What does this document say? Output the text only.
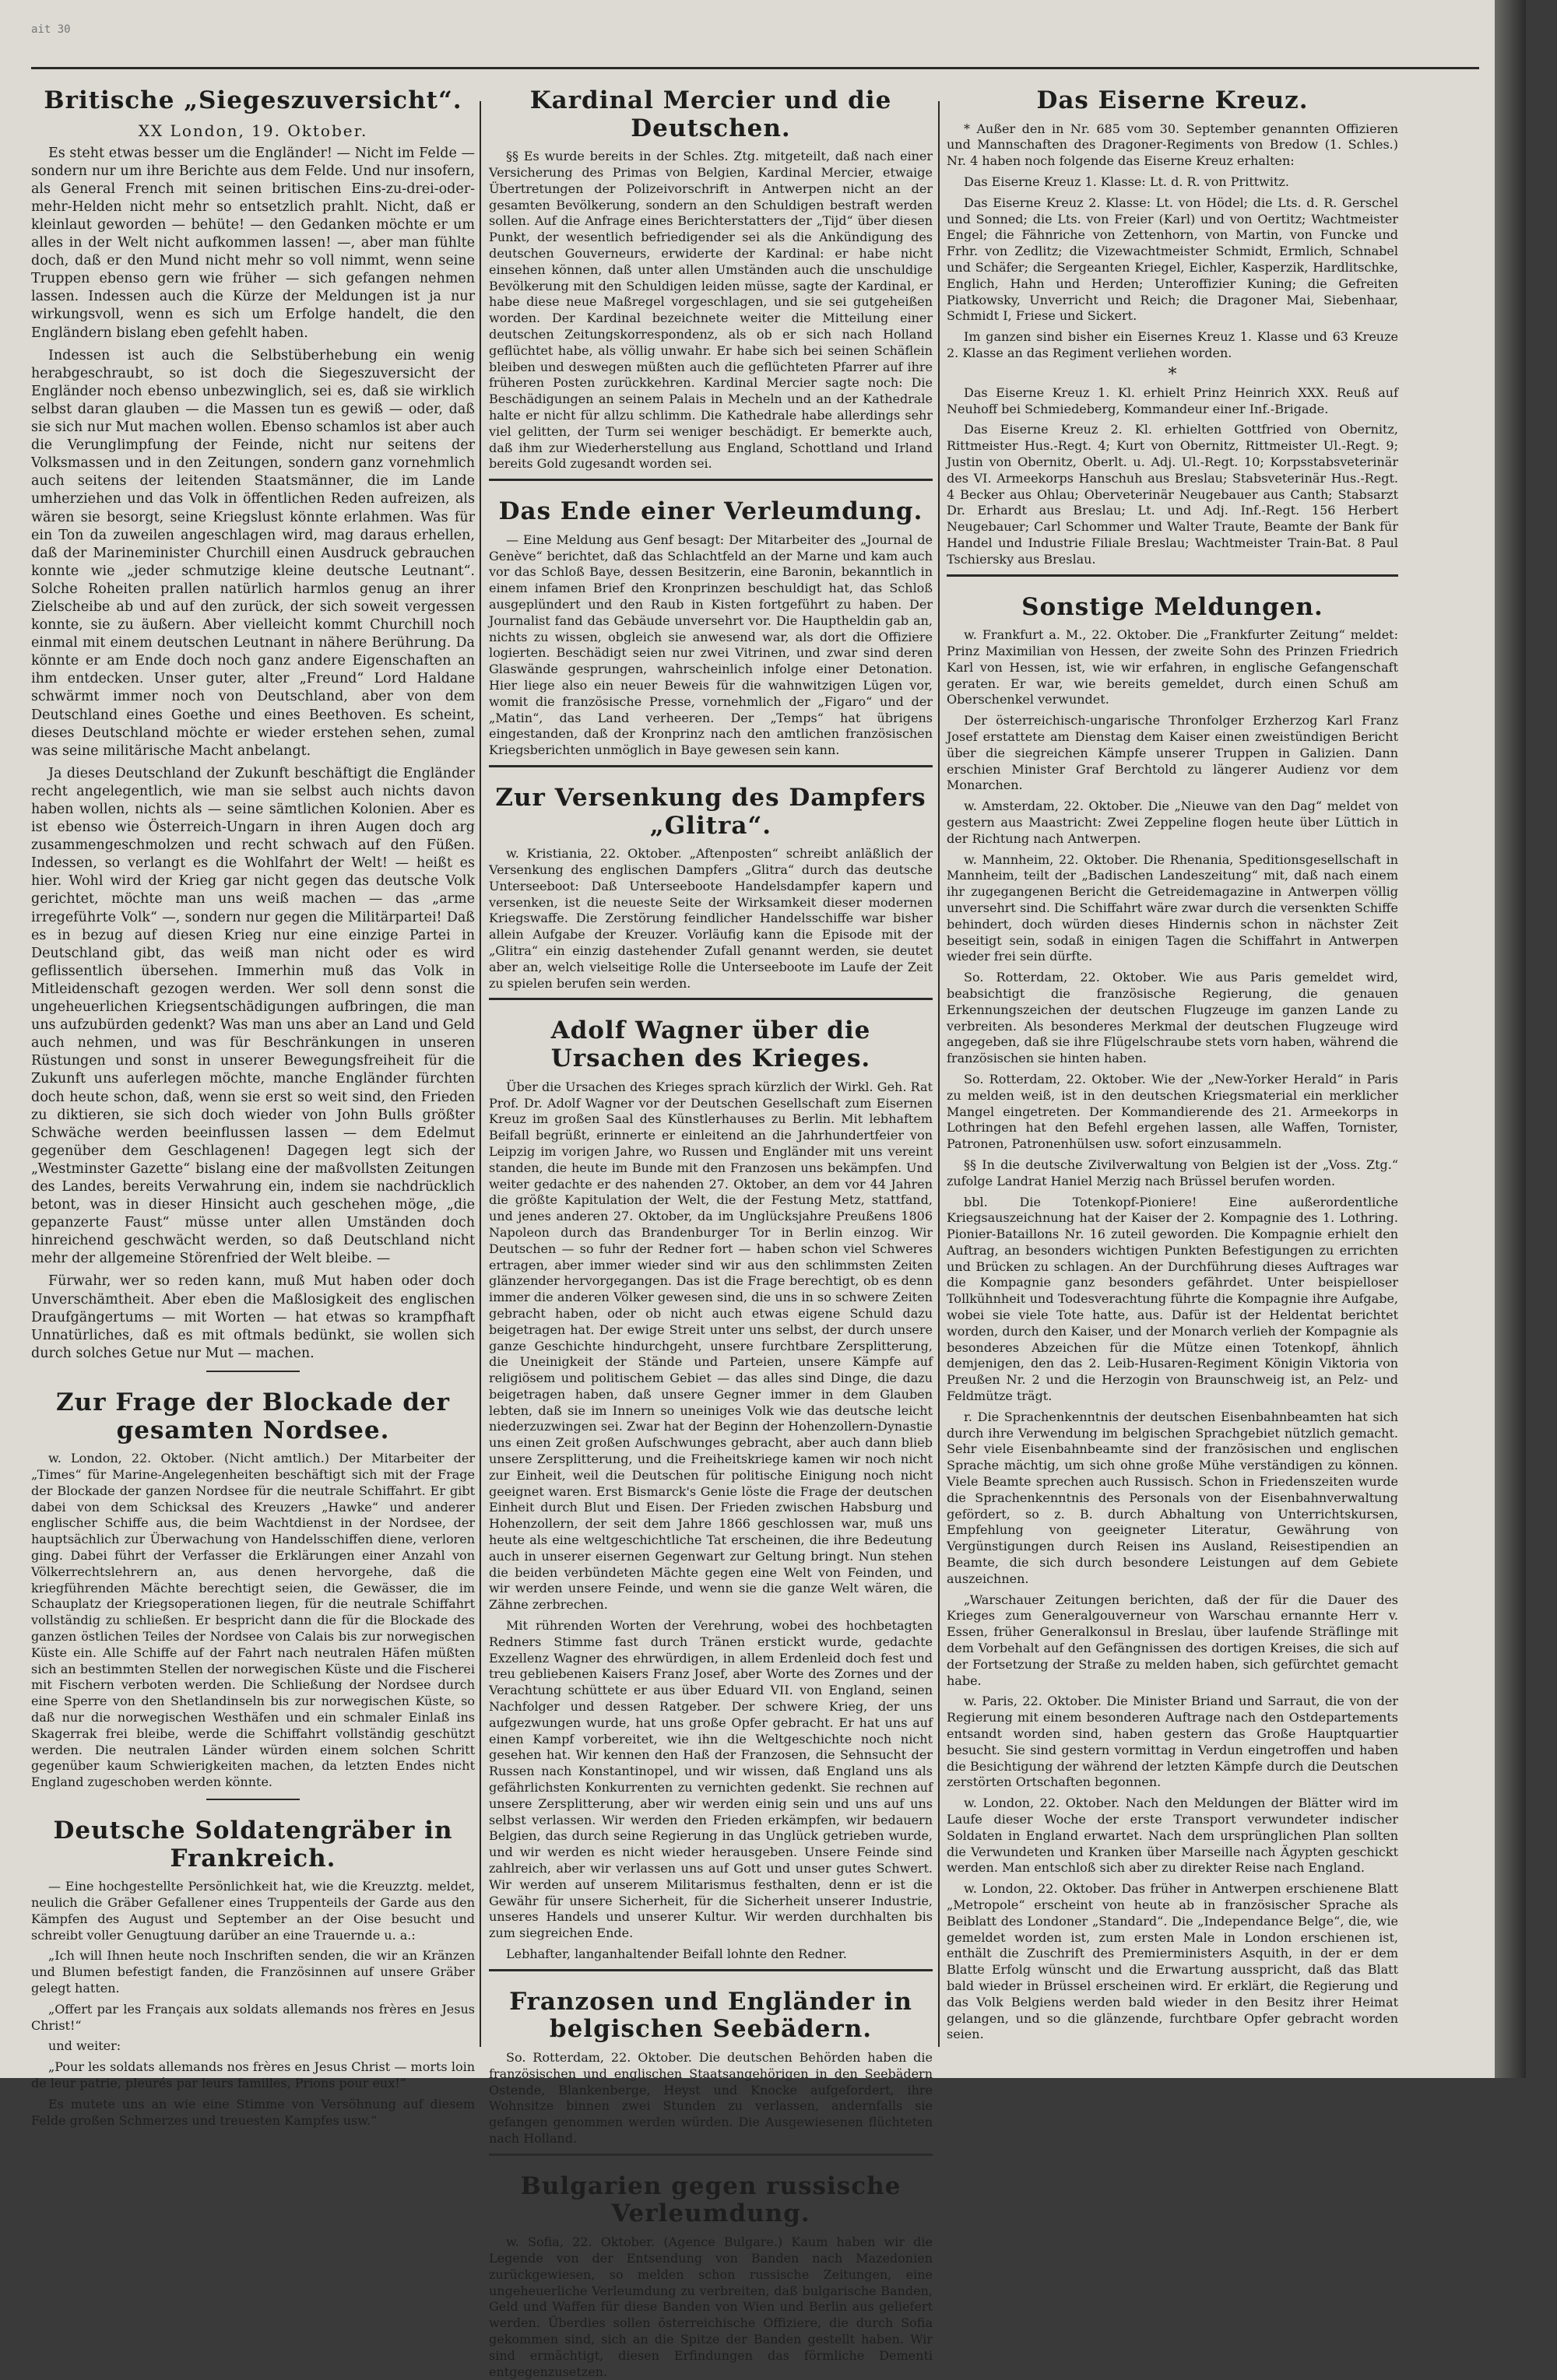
ait 30
Britische „Siegeszuversicht“.
XX London, 19. Oktober.

Es steht etwas besser um die Engländer! — Nicht im Felde — sondern nur um ihre Berichte aus dem Felde. Und nur insofern, als General French mit seinen britischen Eins-zu-drei-oder-mehr-Helden nicht mehr so entsetzlich prahlt. Nicht, daß er kleinlaut geworden — behüte! — den Gedanken möchte er um alles in der Welt nicht aufkommen lassen! —, aber man fühlte doch, daß er den Mund nicht mehr so voll nimmt, wenn seine Truppen ebenso gern wie früher — sich gefangen nehmen lassen. Indessen auch die Kürze der Meldungen ist ja nur wirkungsvoll, wenn es sich um Erfolge handelt, die den Engländern bislang eben gefehlt haben.

Indessen ist auch die Selbstüberhebung ein wenig herabgeschraubt, so ist doch die Siegeszuversicht der Engländer noch ebenso unbezwinglich, sei es, daß sie wirklich selbst daran glauben — die Massen tun es gewiß — oder, daß sie sich nur Mut machen wollen. Ebenso schamlos ist aber auch die Verunglimpfung der Feinde, nicht nur seitens der Volksmassen und in den Zeitungen, sondern ganz vornehmlich auch seitens der leitenden Staatsmänner, die im Lande umherziehen und das Volk in öffentlichen Reden aufreizen, als wären sie besorgt, seine Kriegslust könnte erlahmen. Was für ein Ton da zuweilen angeschlagen wird, mag daraus erhellen, daß der Marineminister Churchill einen Ausdruck gebrauchen konnte wie „jeder schmutzige kleine deutsche Leutnant“. Solche Roheiten prallen natürlich harmlos genug an ihrer Zielscheibe ab und auf den zurück, der sich soweit vergessen konnte, sie zu äußern. Aber vielleicht kommt Churchill noch einmal mit einem deutschen Leutnant in nähere Berührung. Da könnte er am Ende doch noch ganz andere Eigenschaften an ihm entdecken. Unser guter, alter „Freund“ Lord Haldane schwärmt immer noch von Deutschland, aber von dem Deutschland eines Goethe und eines Beethoven. Es scheint, dieses Deutschland möchte er wieder erstehen sehen, zumal was seine militärische Macht anbelangt.

Ja dieses Deutschland der Zukunft beschäftigt die Engländer recht angelegentlich, wie man sie selbst auch nichts davon haben wollen, nichts als — seine sämtlichen Kolonien. Aber es ist ebenso wie Österreich-Ungarn in ihren Augen doch arg zusammengeschmolzen und recht schwach auf den Füßen. Indessen, so verlangt es die Wohlfahrt der Welt! — heißt es hier. Wohl wird der Krieg gar nicht gegen das deutsche Volk gerichtet, möchte man uns weiß machen — das „arme irregeführte Volk“ —, sondern nur gegen die Militärpartei! Daß es in bezug auf diesen Krieg nur eine einzige Partei in Deutschland gibt, das weiß man nicht oder es wird geflissentlich übersehen. Immerhin muß das Volk in Mitleidenschaft gezogen werden. Wer soll denn sonst die ungeheuerlichen Kriegsentschädigungen aufbringen, die man uns aufzubürden gedenkt? Was man uns aber an Land und Geld auch nehmen, und was für Beschränkungen in unseren Rüstungen und sonst in unserer Bewegungsfreiheit für die Zukunft uns auferlegen möchte, manche Engländer fürchten doch heute schon, daß, wenn sie erst so weit sind, den Frieden zu diktieren, sie sich doch wieder von John Bulls größter Schwäche werden beeinflussen lassen — dem Edelmut gegenüber dem Geschlagenen! Dagegen legt sich der „Westminster Gazette“ bislang eine der maßvollsten Zeitungen des Landes, bereits Verwahrung ein, indem sie nachdrücklich betont, was in dieser Hinsicht auch geschehen möge, „die gepanzerte Faust“ müsse unter allen Umständen doch hinreichend geschwächt werden, so daß Deutschland nicht mehr der allgemeine Störenfried der Welt bleibe. —

Fürwahr, wer so reden kann, muß Mut haben oder doch Unverschämtheit. Aber eben die Maßlosigkeit des englischen Draufgängertums — mit Worten — hat etwas so krampfhaft Unnatürliches, daß es mit oftmals bedünkt, sie wollen sich durch solches Getue nur Mut — machen.

Zur Frage der Blockade der gesamten Nordsee.

w. London, 22. Oktober. (Nicht amtlich.) Der Mitarbeiter der „Times“ für Marine-Angelegenheiten beschäftigt sich mit der Frage der Blockade der ganzen Nordsee für die neutrale Schiffahrt. Er gibt dabei von dem Schicksal des Kreuzers „Hawke“ und anderer englischer Schiffe aus, die beim Wachtdienst in der Nordsee, der hauptsächlich zur Überwachung von Handelsschiffen diene, verloren ging. Dabei führt der Verfasser die Erklärungen einer Anzahl von Völkerrechtslehrern an, aus denen hervorgehe, daß die kriegführenden Mächte berechtigt seien, die Gewässer, die im Schauplatz der Kriegsoperationen liegen, für die neutrale Schiffahrt vollständig zu schließen. Er bespricht dann die für die Blockade des ganzen östlichen Teiles der Nordsee von Calais bis zur norwegischen Küste ein. Alle Schiffe auf der Fahrt nach neutralen Häfen müßten sich an bestimmten Stellen der norwegischen Küste und die Fischerei mit Fischern verboten werden. Die Schließung der Nordsee durch eine Sperre von den Shetlandinseln bis zur norwegischen Küste, so daß nur die norwegischen Westhäfen und ein schmaler Einlaß ins Skagerrak frei bleibe, werde die Schiffahrt vollständig geschützt werden. Die neutralen Länder würden einem solchen Schritt gegenüber kaum Schwierigkeiten machen, da letzten Endes nicht England zugeschoben werden könnte.

Deutsche Soldatengräber in Frankreich.

— Eine hochgestellte Persönlichkeit hat, wie die Kreuzztg. meldet, neulich die Gräber Gefallener eines Truppenteils der Garde aus den Kämpfen des August und September an der Oise besucht und schreibt voller Genugtuung darüber an eine Trauernde u. a.:

„Ich will Ihnen heute noch Inschriften senden, die wir an Kränzen und Blumen befestigt fanden, die Französinnen auf unsere Gräber gelegt hatten.

„Offert par les Français aux soldats allemands nos frères en Jesus Christ!“

und weiter:

„Pour les soldats allemands nos frères en Jesus Christ — morts loin de leur patrie, pleurés par leurs familles, Prions pour eux!“

Es mutete uns an wie eine Stimme von Versöhnung auf diesem Felde großen Schmerzes und treuesten Kampfes usw.“

Kardinal Mercier und die Deutschen.

§§ Es wurde bereits in der Schles. Ztg. mitgeteilt, daß nach einer Versicherung des Primas von Belgien, Kardinal Mercier, etwaige Übertretungen der Polizeivorschrift in Antwerpen nicht an der gesamten Bevölkerung, sondern an den Schuldigen bestraft werden sollen. Auf die Anfrage eines Berichterstatters der „Tijd“ über diesen Punkt, der wesentlich befriedigender sei als die Ankündigung des deutschen Gouverneurs, erwiderte der Kardinal: er habe nicht einsehen können, daß unter allen Umständen auch die unschuldige Bevölkerung mit den Schuldigen leiden müsse, sagte der Kardinal, er habe diese neue Maßregel vorgeschlagen, und sie sei gutgeheißen worden. Der Kardinal bezeichnete weiter die Mitteilung einer deutschen Zeitungskorrespondenz, als ob er sich nach Holland geflüchtet habe, als völlig unwahr. Er habe sich bei seinen Schäflein bleiben und deswegen müßten auch die geflüchteten Pfarrer auf ihre früheren Posten zurückkehren. Kardinal Mercier sagte noch: Die Beschädigungen an seinem Palais in Mecheln und an der Kathedrale halte er nicht für allzu schlimm. Die Kathedrale habe allerdings sehr viel gelitten, der Turm sei weniger beschädigt. Er bemerkte auch, daß ihm zur Wiederherstellung aus England, Schottland und Irland bereits Gold zugesandt worden sei.

Das Ende einer Verleumdung.

— Eine Meldung aus Genf besagt: Der Mitarbeiter des „Journal de Genève“ berichtet, daß das Schlachtfeld an der Marne und kam auch vor das Schloß Baye, dessen Besitzerin, eine Baronin, bekanntlich in einem infamen Brief den Kronprinzen beschuldigt hat, das Schloß ausgeplündert und den Raub in Kisten fortgeführt zu haben. Der Journalist fand das Gebäude unversehrt vor. Die Hauptheldin gab an, nichts zu wissen, obgleich sie anwesend war, als dort die Offiziere logierten. Beschädigt seien nur zwei Vitrinen, und zwar sind deren Glaswände gesprungen, wahrscheinlich infolge einer Detonation. Hier liege also ein neuer Beweis für die wahnwitzigen Lügen vor, womit die französische Presse, vornehmlich der „Figaro“ und der „Matin“, das Land verheeren. Der „Temps“ hat übrigens eingestanden, daß der Kronprinz nach den amtlichen französischen Kriegsberichten unmöglich in Baye gewesen sein kann.

Zur Versenkung des Dampfers „Glitra“.

w. Kristiania, 22. Oktober. „Aftenposten“ schreibt anläßlich der Versenkung des englischen Dampfers „Glitra“ durch das deutsche Unterseeboot: Daß Unterseeboote Handelsdampfer kapern und versenken, ist die neueste Seite der Wirksamkeit dieser modernen Kriegswaffe. Die Zerstörung feindlicher Handelsschiffe war bisher allein Aufgabe der Kreuzer. Vorläufig kann die Episode mit der „Glitra“ ein einzig dastehender Zufall genannt werden, sie deutet aber an, welch vielseitige Rolle die Unterseeboote im Laufe der Zeit zu spielen berufen sein werden.

Adolf Wagner über die Ursachen des Krieges.

Über die Ursachen des Krieges sprach kürzlich der Wirkl. Geh. Rat Prof. Dr. Adolf Wagner vor der Deutschen Gesellschaft zum Eisernen Kreuz im großen Saal des Künstlerhauses zu Berlin. Mit lebhaftem Beifall begrüßt, erinnerte er einleitend an die Jahrhundertfeier von Leipzig im vorigen Jahre, wo Russen und Engländer mit uns vereint standen, die heute im Bunde mit den Franzosen uns bekämpfen. Und weiter gedachte er des nahenden 27. Oktober, an dem vor 44 Jahren die größte Kapitulation der Welt, die der Festung Metz, stattfand, und jenes anderen 27. Oktober, da im Unglücksjahre Preußens 1806 Napoleon durch das Brandenburger Tor in Berlin einzog. Wir Deutschen — so fuhr der Redner fort — haben schon viel Schweres ertragen, aber immer wieder sind wir aus den schlimmsten Zeiten glänzender hervorgegangen. Das ist die Frage berechtigt, ob es denn immer die anderen Völker gewesen sind, die uns in so schwere Zeiten gebracht haben, oder ob nicht auch etwas eigene Schuld dazu beigetragen hat. Der ewige Streit unter uns selbst, der durch unsere ganze Geschichte hindurchgeht, unsere furchtbare Zersplitterung, die Uneinigkeit der Stände und Parteien, unsere Kämpfe auf religiösem und politischem Gebiet — das alles sind Dinge, die dazu beigetragen haben, daß unsere Gegner immer in dem Glauben lebten, daß sie im Innern so uneiniges Volk wie das deutsche leicht niederzuzwingen sei. Zwar hat der Beginn der Hohenzollern-Dynastie uns einen Zeit großen Aufschwunges gebracht, aber auch dann blieb unsere Zersplitterung, und die Freiheitskriege kamen wir noch nicht zur Einheit, weil die Deutschen für politische Einigung noch nicht geeignet waren. Erst Bismarck's Genie löste die Frage der deutschen Einheit durch Blut und Eisen. Der Frieden zwischen Habsburg und Hohenzollern, der seit dem Jahre 1866 geschlossen war, muß uns heute als eine weltgeschichtliche Tat erscheinen, die ihre Bedeutung auch in unserer eisernen Gegenwart zur Geltung bringt. Nun stehen die beiden verbündeten Mächte gegen eine Welt von Feinden, und wir werden unsere Feinde, und wenn sie die ganze Welt wären, die Zähne zerbrechen.

Mit rührenden Worten der Verehrung, wobei des hochbetagten Redners Stimme fast durch Tränen erstickt wurde, gedachte Exzellenz Wagner des ehrwürdigen, in allem Erdenleid doch fest und treu gebliebenen Kaisers Franz Josef, aber Worte des Zornes und der Verachtung schüttete er aus über Eduard VII. von England, seinen Nachfolger und dessen Ratgeber. Der schwere Krieg, der uns aufgezwungen wurde, hat uns große Opfer gebracht. Er hat uns auf einen Kampf vorbereitet, wie ihn die Weltgeschichte noch nicht gesehen hat. Wir kennen den Haß der Franzosen, die Sehnsucht der Russen nach Konstantinopel, und wir wissen, daß England uns als gefährlichsten Konkurrenten zu vernichten gedenkt. Sie rechnen auf unsere Zersplitterung, aber wir werden einig sein und uns auf uns selbst verlassen. Wir werden den Frieden erkämpfen, wir bedauern Belgien, das durch seine Regierung in das Unglück getrieben wurde, und wir werden es nicht wieder herausgeben. Unsere Feinde sind zahlreich, aber wir verlassen uns auf Gott und unser gutes Schwert. Wir werden auf unserem Militarismus festhalten, denn er ist die Gewähr für unsere Sicherheit, für die Sicherheit unserer Industrie, unseres Handels und unserer Kultur. Wir werden durchhalten bis zum siegreichen Ende.

Lebhafter, langanhaltender Beifall lohnte den Redner.

Franzosen und Engländer in belgischen Seebädern.

So. Rotterdam, 22. Oktober. Die deutschen Behörden haben die französischen und englischen Staatsangehörigen in den Seebädern Ostende, Blankenberge, Heyst und Knocke aufgefordert, ihre Wohnsitze binnen zwei Stunden zu verlassen, andernfalls sie gefangen genommen werden würden. Die Ausgewiesenen flüchteten nach Holland.

Bulgarien gegen russische Verleumdung.

w. Sofia, 22. Oktober. (Agence Bulgare.) Kaum haben wir die Legende von der Entsendung von Banden nach Mazedonien zurückgewiesen, so melden schon russische Zeitungen, eine ungeheuerliche Verleumdung zu verbreiten, daß bulgarische Banden, Geld und Waffen für diese Banden von Wien und Berlin aus geliefert werden. Überdies sollen österreichische Offiziere, die durch Sofia gekommen sind, sich an die Spitze der Banden gestellt haben. Wir sind ermächtigt, diesen Erfindungen das förmliche Dementi entgegenzusetzen.

Das Eiserne Kreuz.

* Außer den in Nr. 685 vom 30. September genannten Offizieren und Mannschaften des Dragoner-Regiments von Bredow (1. Schles.) Nr. 4 haben noch folgende das Eiserne Kreuz erhalten:

Das Eiserne Kreuz 1. Klasse: Lt. d. R. von Prittwitz.

Das Eiserne Kreuz 2. Klasse: Lt. von Hödel; die Lts. d. R. Gerschel und Sonned; die Lts. von Freier (Karl) und von Oertitz; Wachtmeister Engel; die Fähnriche von Zettenhorn, von Martin, von Funcke und Frhr. von Zedlitz; die Vizewachtmeister Schmidt, Ermlich, Schnabel und Schäfer; die Sergeanten Kriegel, Eichler, Kasperzik, Hardlitschke, Englich, Hahn und Herden; Unteroffizier Kuning; die Gefreiten Piatkowsky, Unverricht und Reich; die Dragoner Mai, Siebenhaar, Schmidt I, Friese und Sickert.

Im ganzen sind bisher ein Eisernes Kreuz 1. Klasse und 63 Kreuze 2. Klasse an das Regiment verliehen worden.

*

Das Eiserne Kreuz 1. Kl. erhielt Prinz Heinrich XXX. Reuß auf Neuhoff bei Schmiedeberg, Kommandeur einer Inf.-Brigade.

Das Eiserne Kreuz 2. Kl. erhielten Gottfried von Obernitz, Rittmeister Hus.-Regt. 4; Kurt von Obernitz, Rittmeister Ul.-Regt. 9; Justin von Obernitz, Oberlt. u. Adj. Ul.-Regt. 10; Korpsstabsveterinär des VI. Armeekorps Hanschuh aus Breslau; Stabsveterinär Hus.-Regt. 4 Becker aus Ohlau; Oberveterinär Neugebauer aus Canth; Stabsarzt Dr. Erhardt aus Breslau; Lt. und Adj. Inf.-Regt. 156 Herbert Neugebauer; Carl Schommer und Walter Traute, Beamte der Bank für Handel und Industrie Filiale Breslau; Wachtmeister Train-Bat. 8 Paul Tschiersky aus Breslau.

Sonstige Meldungen.

w. Frankfurt a. M., 22. Oktober. Die „Frankfurter Zeitung“ meldet: Prinz Maximilian von Hessen, der zweite Sohn des Prinzen Friedrich Karl von Hessen, ist, wie wir erfahren, in englische Gefangenschaft geraten. Er war, wie bereits gemeldet, durch einen Schuß am Oberschenkel verwundet.

Der österreichisch-ungarische Thronfolger Erzherzog Karl Franz Josef erstattete am Dienstag dem Kaiser einen zweistündigen Bericht über die siegreichen Kämpfe unserer Truppen in Galizien. Dann erschien Minister Graf Berchtold zu längerer Audienz vor dem Monarchen.

w. Amsterdam, 22. Oktober. Die „Nieuwe van den Dag“ meldet von gestern aus Maastricht: Zwei Zeppeline flogen heute über Lüttich in der Richtung nach Antwerpen.

w. Mannheim, 22. Oktober. Die Rhenania, Speditionsgesellschaft in Mannheim, teilt der „Badischen Landeszeitung“ mit, daß nach einem ihr zugegangenen Bericht die Getreidemagazine in Antwerpen völlig unversehrt sind. Die Schiffahrt wäre zwar durch die versenkten Schiffe behindert, doch würden dieses Hindernis schon in nächster Zeit beseitigt sein, sodaß in einigen Tagen die Schiffahrt in Antwerpen wieder frei sein dürfte.

So. Rotterdam, 22. Oktober. Wie aus Paris gemeldet wird, beabsichtigt die französische Regierung, die genauen Erkennungszeichen der deutschen Flugzeuge im ganzen Lande zu verbreiten. Als besonderes Merkmal der deutschen Flugzeuge wird angegeben, daß sie ihre Flügelschraube stets vorn haben, während die französischen sie hinten haben.

So. Rotterdam, 22. Oktober. Wie der „New-Yorker Herald“ in Paris zu melden weiß, ist in den deutschen Kriegsmaterial ein merklicher Mangel eingetreten. Der Kommandierende des 21. Armeekorps in Lothringen hat den Befehl ergehen lassen, alle Waffen, Tornister, Patronen, Patronenhülsen usw. sofort einzusammeln.

§§ In die deutsche Zivilverwaltung von Belgien ist der „Voss. Ztg.“ zufolge Landrat Haniel Merzig nach Brüssel berufen worden.

bbl. Die Totenkopf-Pioniere! Eine außerordentliche Kriegsauszeichnung hat der Kaiser der 2. Kompagnie des 1. Lothring. Pionier-Bataillons Nr. 16 zuteil geworden. Die Kompagnie erhielt den Auftrag, an besonders wichtigen Punkten Befestigungen zu errichten und Brücken zu schlagen. An der Durchführung dieses Auftrages war die Kompagnie ganz besonders gefährdet. Unter beispielloser Tollkühnheit und Todesverachtung führte die Kompagnie ihre Aufgabe, wobei sie viele Tote hatte, aus. Dafür ist der Heldentat berichtet worden, durch den Kaiser, und der Monarch verlieh der Kompagnie als besonderes Abzeichen für die Mütze einen Totenkopf, ähnlich demjenigen, den das 2. Leib-Husaren-Regiment Königin Viktoria von Preußen Nr. 2 und die Herzogin von Braunschweig ist, an Pelz- und Feldmütze trägt.

r. Die Sprachenkenntnis der deutschen Eisenbahnbeamten hat sich durch ihre Verwendung im belgischen Sprachgebiet nützlich gemacht. Sehr viele Eisenbahnbeamte sind der französischen und englischen Sprache mächtig, um sich ohne große Mühe verständigen zu können. Viele Beamte sprechen auch Russisch. Schon in Friedenszeiten wurde die Sprachenkenntnis des Personals von der Eisenbahnverwaltung gefördert, so z. B. durch Abhaltung von Unterrichtskursen, Empfehlung von geeigneter Literatur, Gewährung von Vergünstigungen durch Reisen ins Ausland, Reisestipendien an Beamte, die sich durch besondere Leistungen auf dem Gebiete auszeichnen.

„Warschauer Zeitungen berichten, daß der für die Dauer des Krieges zum Generalgouverneur von Warschau ernannte Herr v. Essen, früher Generalkonsul in Breslau, über laufende Sträflinge mit dem Vorbehalt auf den Gefängnissen des dortigen Kreises, die sich auf der Fortsetzung der Straße zu melden haben, sich gefürchtet gemacht habe.

w. Paris, 22. Oktober. Die Minister Briand und Sarraut, die von der Regierung mit einem besonderen Auftrage nach den Ostdepartements entsandt worden sind, haben gestern das Große Hauptquartier besucht. Sie sind gestern vormittag in Verdun eingetroffen und haben die Besichtigung der während der letzten Kämpfe durch die Deutschen zerstörten Ortschaften begonnen.

w. London, 22. Oktober. Nach den Meldungen der Blätter wird im Laufe dieser Woche der erste Transport verwundeter indischer Soldaten in England erwartet. Nach dem ursprünglichen Plan sollten die Verwundeten und Kranken über Marseille nach Ägypten geschickt werden. Man entschloß sich aber zu direkter Reise nach England.

w. London, 22. Oktober. Das früher in Antwerpen erschienene Blatt „Metropole“ erscheint von heute ab in französischer Sprache als Beiblatt des Londoner „Standard“. Die „Independance Belge“, die, wie gemeldet worden ist, zum ersten Male in London erschienen ist, enthält die Zuschrift des Premierministers Asquith, in der er dem Blatte Erfolg wünscht und die Erwartung ausspricht, daß das Blatt bald wieder in Brüssel erscheinen wird. Er erklärt, die Regierung und das Volk Belgiens werden bald wieder in den Besitz ihrer Heimat gelangen, und so die glänzende, furchtbare Opfer gebracht worden seien.
